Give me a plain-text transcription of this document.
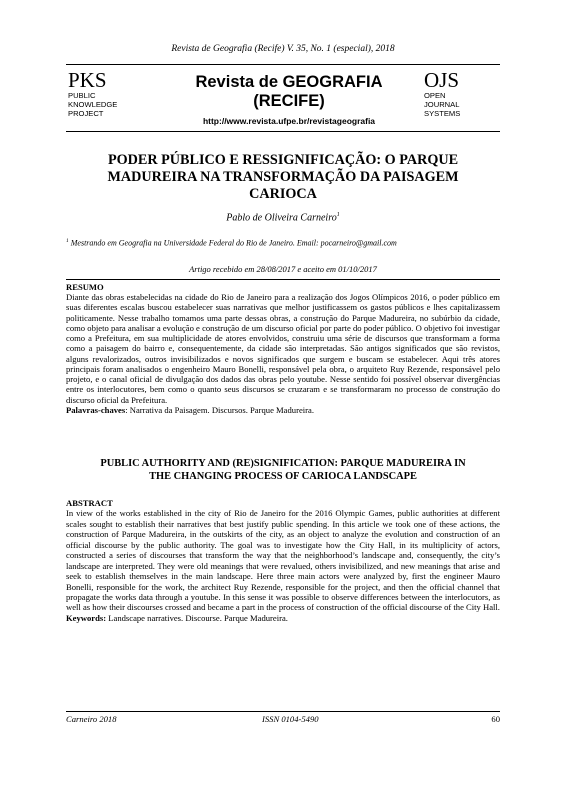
Revista de Geografia (Recife) V. 35, No. 1 (especial), 2018
PKS
PUBLIC
KNOWLEDGE
PROJECT
Revista de GEOGRAFIA
(RECIFE)
http://www.revista.ufpe.br/revistageografia
OJS
OPEN
JOURNAL
SYSTEMS
PODER PÚBLICO E RESSIGNIFICAÇÃO: O PARQUE
MADUREIRA NA TRANSFORMAÇÃO DA PAISAGEM
CARIOCA
Pablo de Oliveira Carneiro$^1$
$^1$ Mestrando em Geografia na Universidade Federal do Rio de Janeiro. Email: pocarneiro@gmail.com
Artigo recebido em 28/08/2017 e aceito em 01/10/2017
RESUMO

Diante das obras estabelecidas na cidade do Rio de Janeiro para a realização dos Jogos Olímpicos 2016, o poder público em suas diferentes escalas buscou estabelecer suas narrativas que melhor justificassem os gastos públicos e lhes capitalizassem politicamente. Nesse trabalho tomamos uma parte dessas obras, a construção do Parque Madureira, no subúrbio da cidade, como objeto para analisar a evolução e construção de um discurso oficial por parte do poder público. O objetivo foi investigar como a Prefeitura, em sua multiplicidade de atores envolvidos, construiu uma série de discursos que transformam a forma como a paisagem do bairro e, consequentemente, da cidade são interpretadas. São antigos significados que são revistos, alguns revalorizados, outros invisibilizados e novos significados que surgem e buscam se estabelecer. Aqui três atores principais foram analisados o engenheiro Mauro Bonelli, responsável pela obra, o arquiteto Ruy Rezende, responsável pelo projeto, e o canal oficial de divulgação dos dados das obras pelo youtube. Nesse sentido foi possível observar divergências entre os interlocutores, bem como o quanto seus discursos se cruzaram e se transformaram no processo de construção do discurso oficial da Prefeitura.

Palavras-chaves: Narrativa da Paisagem. Discursos. Parque Madureira.
PUBLIC AUTHORITY AND (RE)SIGNIFICATION: PARQUE MADUREIRA IN
THE CHANGING PROCESS OF CARIOCA LANDSCAPE
ABSTRACT

In view of the works established in the city of Rio de Janeiro for the 2016 Olympic Games, public authorities at different scales sought to establish their narratives that best justify public spending. In this article we took one of these actions, the construction of Parque Madureira, in the outskirts of the city, as an object to analyze the evolution and construction of an official discourse by the public authority. The goal was to investigate how the City Hall, in its multiplicity of actors, constructed a series of discourses that transform the way that the neighborhood’s landscape and, consequently, the city’s landscape are interpreted. They were old meanings that were revalued, others invisibilized, and new meanings that arise and seek to establish themselves in the main landscape. Here three main actors were analyzed by, first the engineer Mauro Bonelli, responsible for the work, the architect Ruy Rezende, responsible for the project, and then the official channel that propagate the works data through a youtube. In this sense it was possible to observe differences between the interlocutors, as well as how their discourses crossed and became a part in the process of construction of the official discourse of the City Hall.

Keywords: Landscape narratives. Discourse. Parque Madureira.
Carneiro 2018	ISSN 0104-5490	60
